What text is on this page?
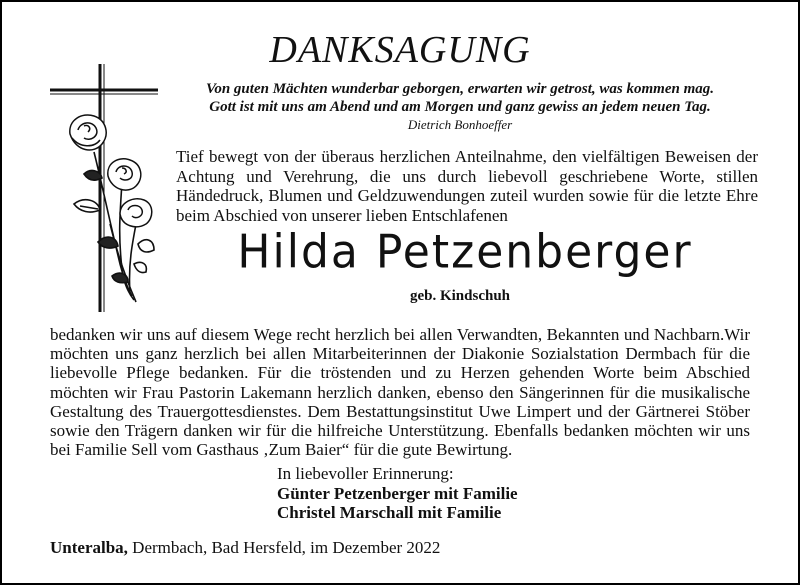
DANKSAGUNG
Von guten Mächten wunderbar geborgen, erwarten wir getrost, was kommen mag.
Gott ist mit uns am Abend und am Morgen und ganz gewiss an jedem neuen Tag.
Dietrich Bonhoeffer
Tief bewegt von der überaus herzlichen Anteilnahme, den vielfältigen Beweisen der Achtung und Verehrung, die uns durch liebevoll geschriebene Worte, stillen Händedruck, Blumen und Geldzuwendungen zuteil wurden sowie für die letzte Ehre beim Abschied von unserer lieben Entschlafenen
Hilda Petzenberger
geb. Kindschuh
bedanken wir uns auf diesem Wege recht herzlich bei allen Verwandten, Bekannten und Nachbarn.Wir möchten uns ganz herzlich bei allen Mitarbeiterinnen der Diakonie Sozialstation Dermbach für die liebevolle Pflege bedanken. Für die tröstenden und zu Herzen gehenden Worte beim Abschied möchten wir Frau Pastorin Lakemann herzlich danken, ebenso den Sängerinnen für die musikalische Gestaltung des Trauergottesdienstes. Dem Bestattungsinstitut Uwe Limpert und der Gärtnerei Stöber sowie den Trägern danken wir für die hilfreiche Unterstützung. Ebenfalls bedanken möchten wir uns bei Familie Sell vom Gasthaus ‚Zum Baier“ für die gute Bewirtung.
In liebevoller Erinnerung:
Günter Petzenberger mit Familie
Christel Marschall mit Familie
Unteralba, Dermbach, Bad Hersfeld, im Dezember 2022
